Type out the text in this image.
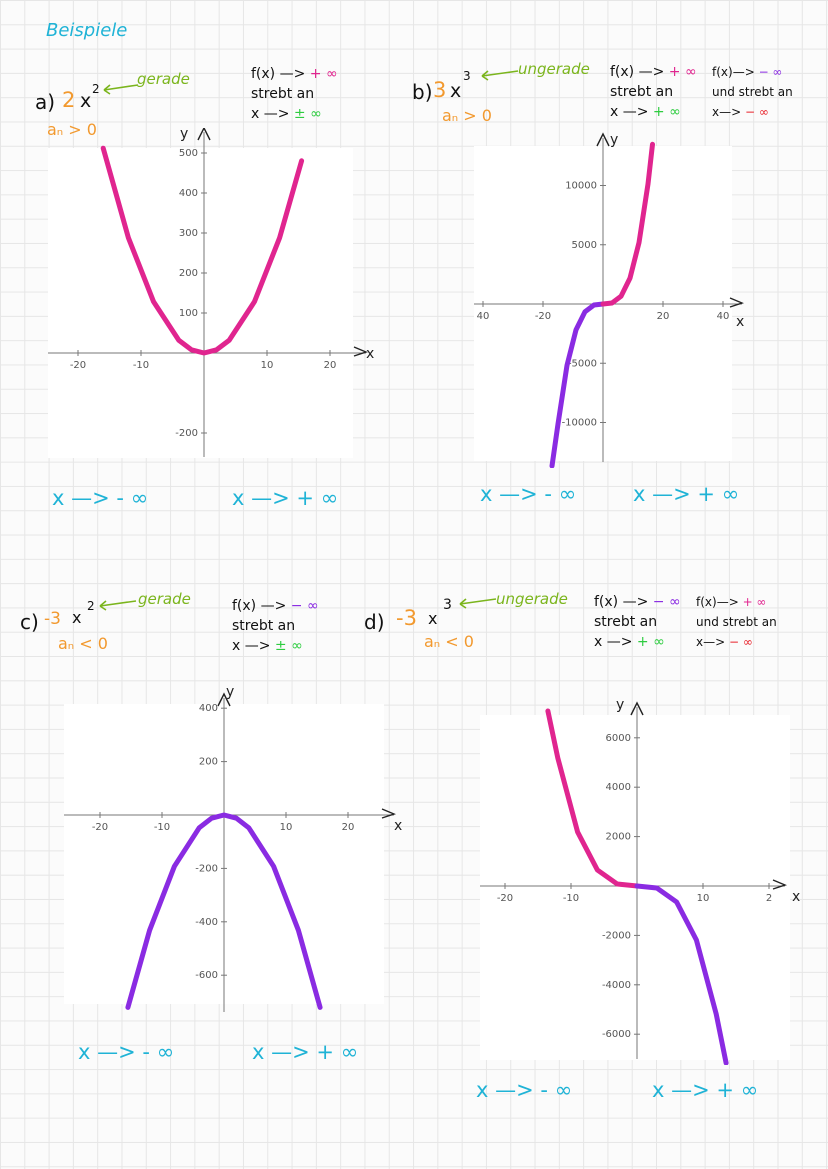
Beispiele
a) 2 x
2
gerade
aₙ > 0
f(x) —> + ∞
strebt an
x —> ± ∞
x —> - ∞	x —> + ∞
b) 3 x
3	ungerade
aₙ > 0
f(x) —> + ∞
strebt an
x —> + ∞
f(x)—> − ∞
und strebt an
x—> − ∞
x —> - ∞	x —> + ∞
c) -3 x
2	gerade
aₙ < 0
f(x) —> − ∞
strebt an
x —> ± ∞
x —> - ∞	x —> + ∞
d) -3 x
3	ungerade
aₙ < 0
f(x) —> − ∞
strebt an
x —> + ∞
f(x)—> + ∞
und strebt an
x—> − ∞
x —> - ∞	x —> + ∞
x
y
-20	-10	10	20
500
400
300
200
100
-200
x
y
40	-20	20	40
10000
5000
-5000
-10000
x
y
-20	-10	10	20
400
200
-200
-400
-600
x
y
-20	-10	10	2
6000
4000
2000
-2000
-4000
-6000
